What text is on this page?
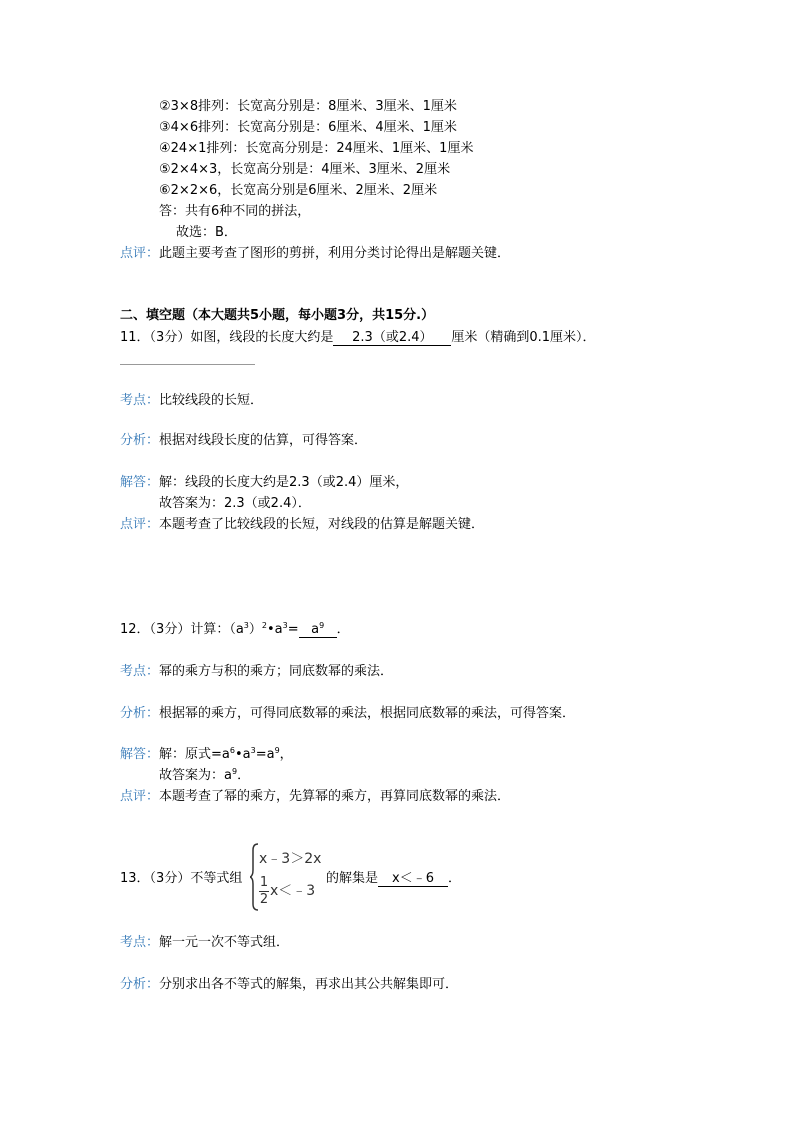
②3×8排列：长宽高分别是：8厘米、3厘米、1厘米
③4×6排列：长宽高分别是：6厘米、4厘米、1厘米
④24×1排列：长宽高分别是：24厘米、1厘米、1厘米
⑤2×4×3，长宽高分别是：4厘米、3厘米、2厘米
⑥2×2×6，长宽高分别是6厘米、2厘米、2厘米
答：共有6种不同的拼法，
故选：B．
点评：此题主要考查了图形的剪拼，利用分类讨论得出是解题关键．
二、填空题（本大题共5小题，每小题3分，共15分.）
11．（3分）如图，线段的长度大约是 2.3（或2.4） 厘米（精确到0.1厘米）．
考点：比较线段的长短．
分析：根据对线段长度的估算，可得答案．
解答：解：线段的长度大约是2.3（或2.4）厘米，
故答案为：2.3（或2.4）．
点评：本题考查了比较线段的长短，对线段的估算是解题关键．
12．（3分）计算：$(a^3)^2•a^3= a^9$ ．
考点：幂的乘方与积的乘方；同底数幂的乘法．
分析：根据幂的乘方，可得同底数幂的乘法，根据同底数幂的乘法，可得答案．
解答：解：原式$=a^6•a^3=a^9$，
故答案为：$a^9$．
点评：本题考查了幂的乘方，先算幂的乘方，再算同底数幂的乘法．
13．（3分）不等式组
x﹣3＞2x
1
2
x＜﹣3
的解集是 x＜﹣6 ．
考点：解一元一次不等式组．
分析：分别求出各不等式的解集，再求出其公共解集即可．
